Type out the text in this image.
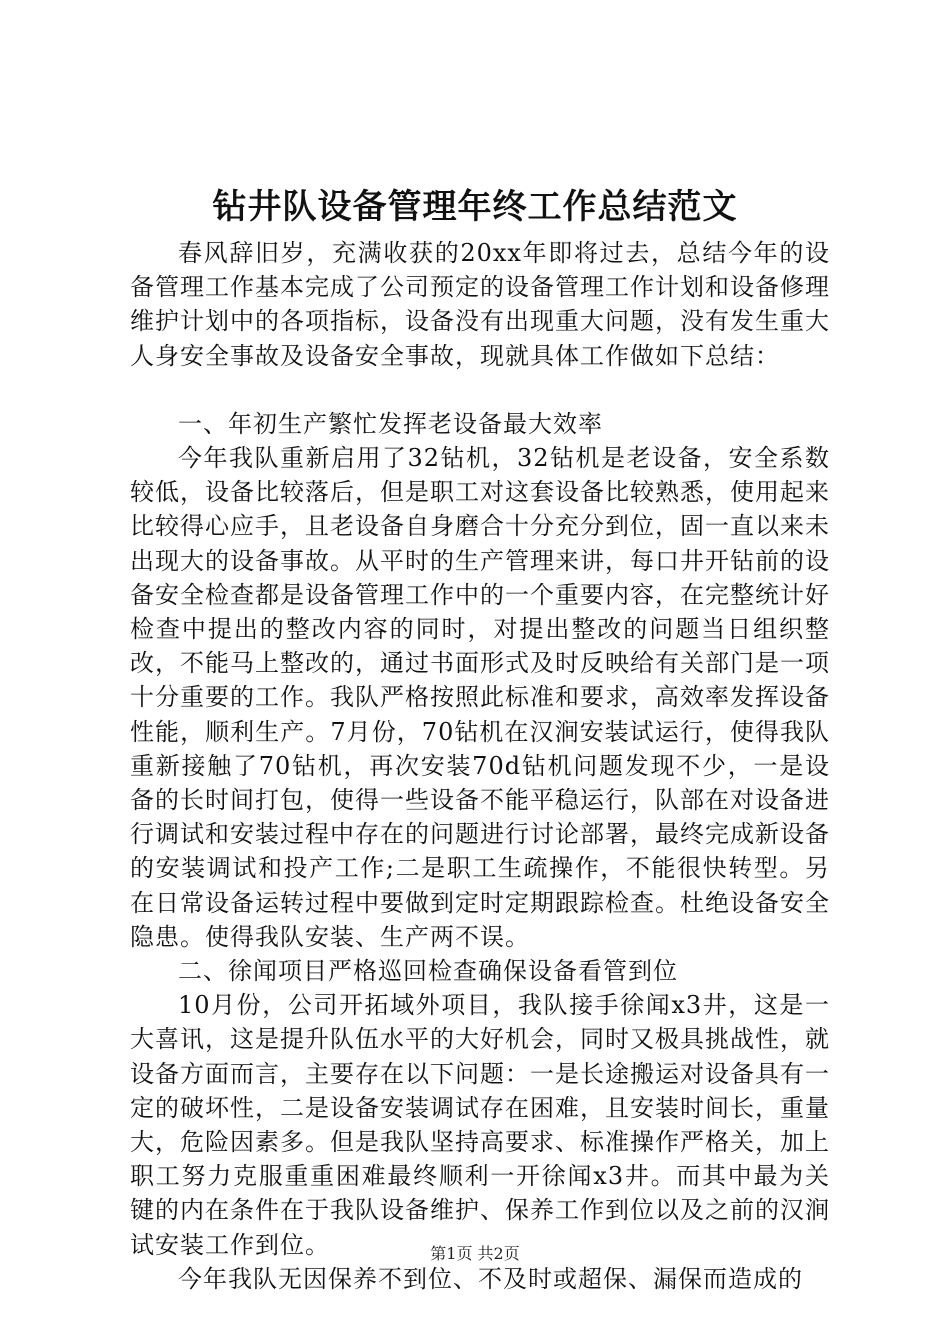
钻井队设备管理年终工作总结范文

春风辞旧岁，充满收获的20xx年即将过去，总结今年的设备管理工作基本完成了公司预定的设备管理工作计划和设备修理维护计划中的各项指标，设备没有出现重大问题，没有发生重大人身安全事故及设备安全事故，现就具体工作做如下总结：

一、年初生产繁忙发挥老设备最大效率

今年我队重新启用了32钻机，32钻机是老设备，安全系数较低，设备比较落后，但是职工对这套设备比较熟悉，使用起来比较得心应手，且老设备自身磨合十分充分到位，固一直以来未出现大的设备事故。从平时的生产管理来讲，每口井开钻前的设备安全检查都是设备管理工作中的一个重要内容，在完整统计好检查中提出的整改内容的同时，对提出整改的问题当日组织整改，不能马上整改的，通过书面形式及时反映给有关部门是一项十分重要的工作。我队严格按照此标准和要求，高效率发挥设备性能，顺利生产。7月份，70钻机在汉涧安装试运行，使得我队重新接触了70钻机，再次安装70d钻机问题发现不少，一是设备的长时间打包，使得一些设备不能平稳运行，队部在对设备进行调试和安装过程中存在的问题进行讨论部署，最终完成新设备的安装调试和投产工作;二是职工生疏操作，不能很快转型。另在日常设备运转过程中要做到定时定期跟踪检查。杜绝设备安全隐患。使得我队安装、生产两不误。

二、徐闻项目严格巡回检查确保设备看管到位

10月份，公司开拓域外项目，我队接手徐闻x3井，这是一大喜讯，这是提升队伍水平的大好机会，同时又极具挑战性，就设备方面而言，主要存在以下问题：一是长途搬运对设备具有一定的破坏性，二是设备安装调试存在困难，且安装时间长，重量大，危险因素多。但是我队坚持高要求、标准操作严格关，加上职工努力克服重重困难最终顺利一开徐闻x3井。而其中最为关键的内在条件在于我队设备维护、保养工作到位以及之前的汉涧试安装工作到位。

今年我队无因保养不到位、不及时或超保、漏保而造成的

第1页 共2页
